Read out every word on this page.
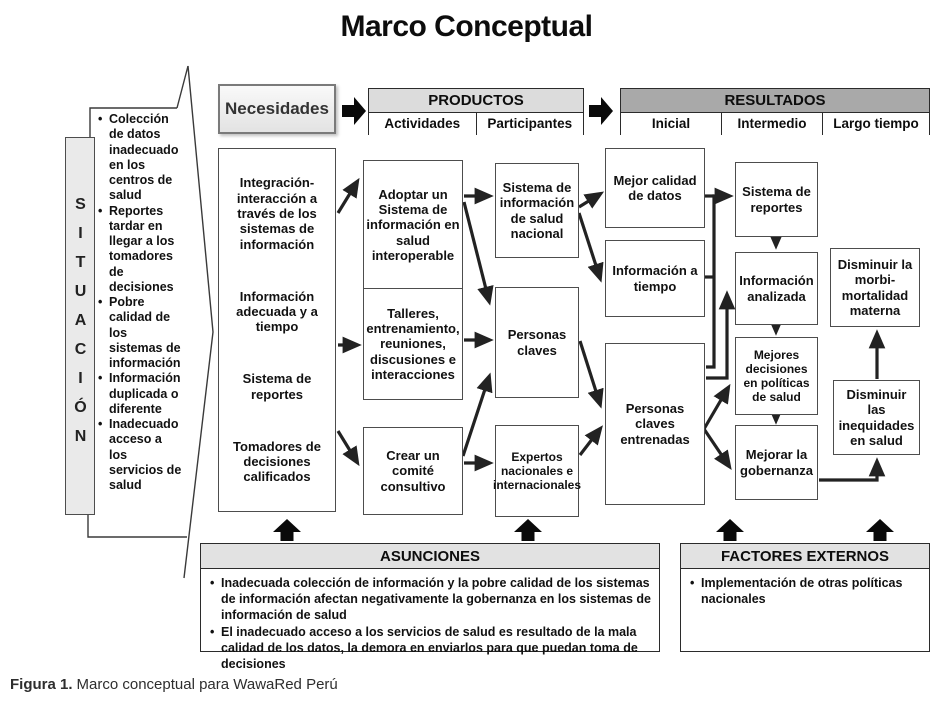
Marco Conceptual
SITUACIÓN
• Colección de datos inadecuado en los centros de salud
• Reportes tardar en llegar a los tomadores de decisiones
• Pobre calidad de los sistemas de información
• Información duplicada o diferente
• Inadecuado acceso a los servicios de salud
Necesidades	PRODUCTOS
Actividades	Participantes
RESULTADOS
Inicial	Intermedio	Largo tiempo
Integración-interacción a través de los sistemas de información
Información adecuada y a tiempo
Sistema de reportes
Tomadores de decisiones calificados
Adoptar un Sistema de información en salud interoperable
Talleres, entrenamiento, reuniones, discusiones e interacciones
Crear un comité consultivo
Sistema de información de salud nacional
Personas claves
Expertos nacionales e internacionales
Mejor calidad de datos
Información a tiempo
Personas claves entrenadas
Sistema de reportes
Información analizada
Mejores decisiones en políticas de salud
Mejorar la gobernanza
Disminuir la morbi-mortalidad materna
Disminuir las inequidades en salud
ASUNCIONES
• Inadecuada colección de información y la pobre calidad de los sistemas de información afectan negativamente la gobernanza en los sistemas de información de salud
• El inadecuado acceso a los servicios de salud es resultado de la mala calidad de los datos, la demora en enviarlos para que puedan toma de decisiones
FACTORES EXTERNOS
• Implementación de otras políticas nacionales
Figura 1. Marco conceptual para WawaRed Perú
